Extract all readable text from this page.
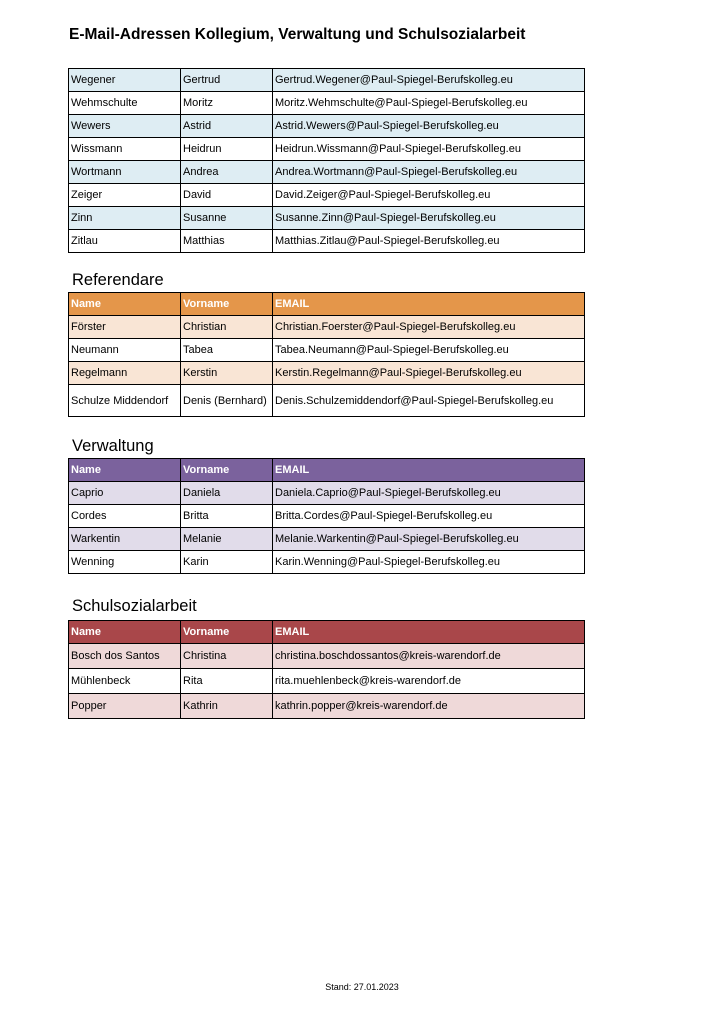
E-Mail-Adressen Kollegium, Verwaltung und Schulsozialarbeit
Wegener	Gertrud	Gertrud.Wegener@Paul-Spiegel-Berufskolleg.eu
Wehmschulte	Moritz	Moritz.Wehmschulte@Paul-Spiegel-Berufskolleg.eu
Wewers	Astrid	Astrid.Wewers@Paul-Spiegel-Berufskolleg.eu
Wissmann	Heidrun	Heidrun.Wissmann@Paul-Spiegel-Berufskolleg.eu
Wortmann	Andrea	Andrea.Wortmann@Paul-Spiegel-Berufskolleg.eu
Zeiger	David	David.Zeiger@Paul-Spiegel-Berufskolleg.eu
Zinn	Susanne	Susanne.Zinn@Paul-Spiegel-Berufskolleg.eu
Zitlau	Matthias	Matthias.Zitlau@Paul-Spiegel-Berufskolleg.eu
Referendare
Name	Vorname	EMAIL
Förster	Christian	Christian.Foerster@Paul-Spiegel-Berufskolleg.eu
Neumann	Tabea	Tabea.Neumann@Paul-Spiegel-Berufskolleg.eu
Regelmann	Kerstin	Kerstin.Regelmann@Paul-Spiegel-Berufskolleg.eu
Schulze Middendorf	Denis (Bernhard)	Denis.Schulzemiddendorf@Paul-Spiegel-Berufskolleg.eu
Verwaltung
Name	Vorname	EMAIL
Caprio	Daniela	Daniela.Caprio@Paul-Spiegel-Berufskolleg.eu
Cordes	Britta	Britta.Cordes@Paul-Spiegel-Berufskolleg.eu
Warkentin	Melanie	Melanie.Warkentin@Paul-Spiegel-Berufskolleg.eu
Wenning	Karin	Karin.Wenning@Paul-Spiegel-Berufskolleg.eu
Schulsozialarbeit
Name	Vorname	EMAIL
Bosch dos Santos	Christina	christina.boschdossantos@kreis-warendorf.de
Mühlenbeck	Rita	rita.muehlenbeck@kreis-warendorf.de
Popper	Kathrin	kathrin.popper@kreis-warendorf.de
Stand: 27.01.2023
